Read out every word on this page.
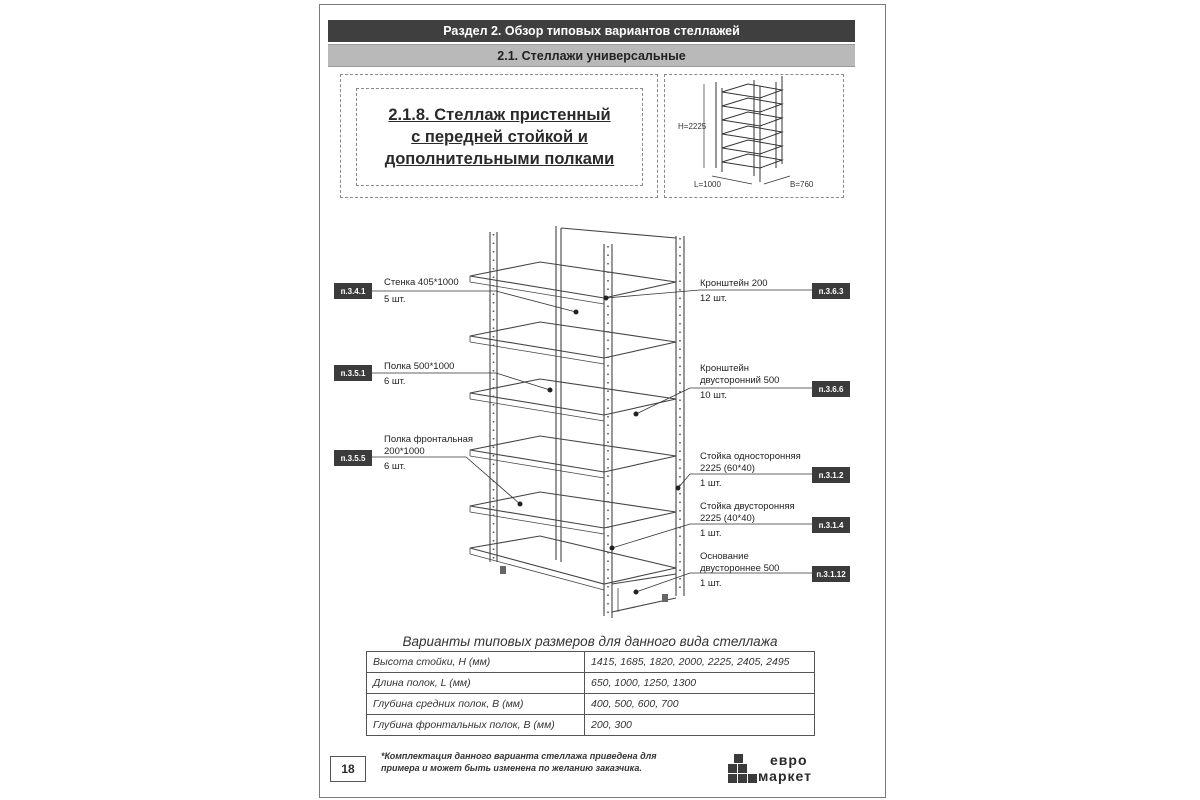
Раздел 2. Обзор типовых вариантов стеллажей
2.1. Стеллажи универсальные
2.1.8. Стеллаж пристенный
с передней стойкой и
дополнительными полками
H=2225
L=1000	B=760
п.3.4.1
Стенка 405*1000
5 шт.
п.3.5.1
Полка 500*1000
6 шт.
п.3.5.5
Полка фронтальная
200*1000
6 шт.
п.3.6.3
Кронштейн 200
12 шт.
п.3.6.6
Кронштейн
двусторонний 500
10 шт.
п.3.1.2
Стойка односторонняя
2225 (60*40)
1 шт.
п.3.1.4
Стойка двусторонняя
2225 (40*40)
1 шт.
п.3.1.12
Основание
двустороннее 500
1 шт.
Варианты типовых размеров для данного вида стеллажа
Высота стойки, H (мм)	1415, 1685, 1820, 2000, 2225, 2405, 2495
Длина полок, L (мм)	650, 1000, 1250, 1300
Глубина средних полок, B (мм)	400, 500, 600, 700
Глубина фронтальных полок, B (мм)	200, 300
18
*Комплектация данного варианта стеллажа приведена для
примера и может быть изменена по желанию заказчика.	евро
маркет
